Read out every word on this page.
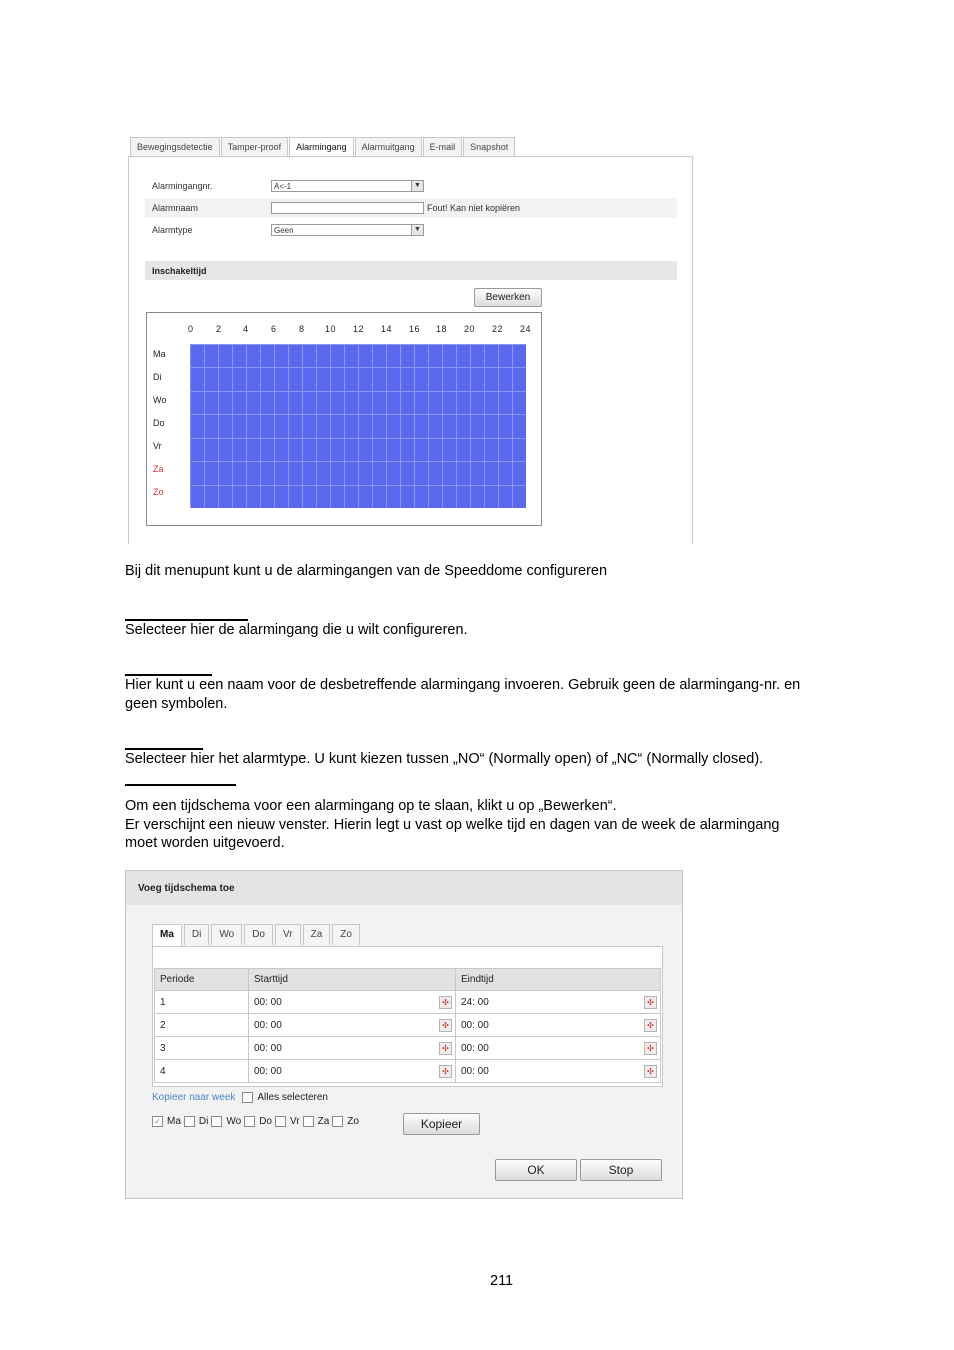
Bewegingsdetectie	Tamper-proof	Alarmingang	Alarmuitgang	E-mail	Snapshot
Alarmingangnr.	A<-1	▼
Alarmnaam	Fout! Kan niet kopiëren
Alarmtype	Geen	▼
Inschakeltijd
Bewerken
0 2 4 6 8 10 12 14 16 18 20 22 24
Ma
Di
Wo
Do
Vr
Za
Zo
Bij dit menupunt kunt u de alarmingangen van de Speeddome configureren
Selecteer hier de alarmingang die u wilt configureren.
Hier kunt u een naam voor de desbetreffende alarmingang invoeren. Gebruik geen de alarmingang-nr. en
geen symbolen.
Selecteer hier het alarmtype. U kunt kiezen tussen „NO“ (Normally open) of „NC“ (Normally closed).
Om een tijdschema voor een alarmingang op te slaan, klikt u op „Bewerken“.
Er verschijnt een nieuw venster. Hierin legt u vast op welke tijd en dagen van de week de alarmingang
moet worden uitgevoerd.
Voeg tijdschema toe
Ma	Di	Wo	Do	Vr	Za	Zo
Periode	Starttijd	Eindtijd
1	00: 00 ✣	24: 00 ✣

2	00: 00 ✣	00: 00 ✣

3	00: 00 ✣	00: 00 ✣

4	00: 00 ✣	00: 00 ✣
Kopieer naar week Alles selecteren
✓ Ma Di Wo Do Vr Za Zo	Kopieer
OK	Stop
211
